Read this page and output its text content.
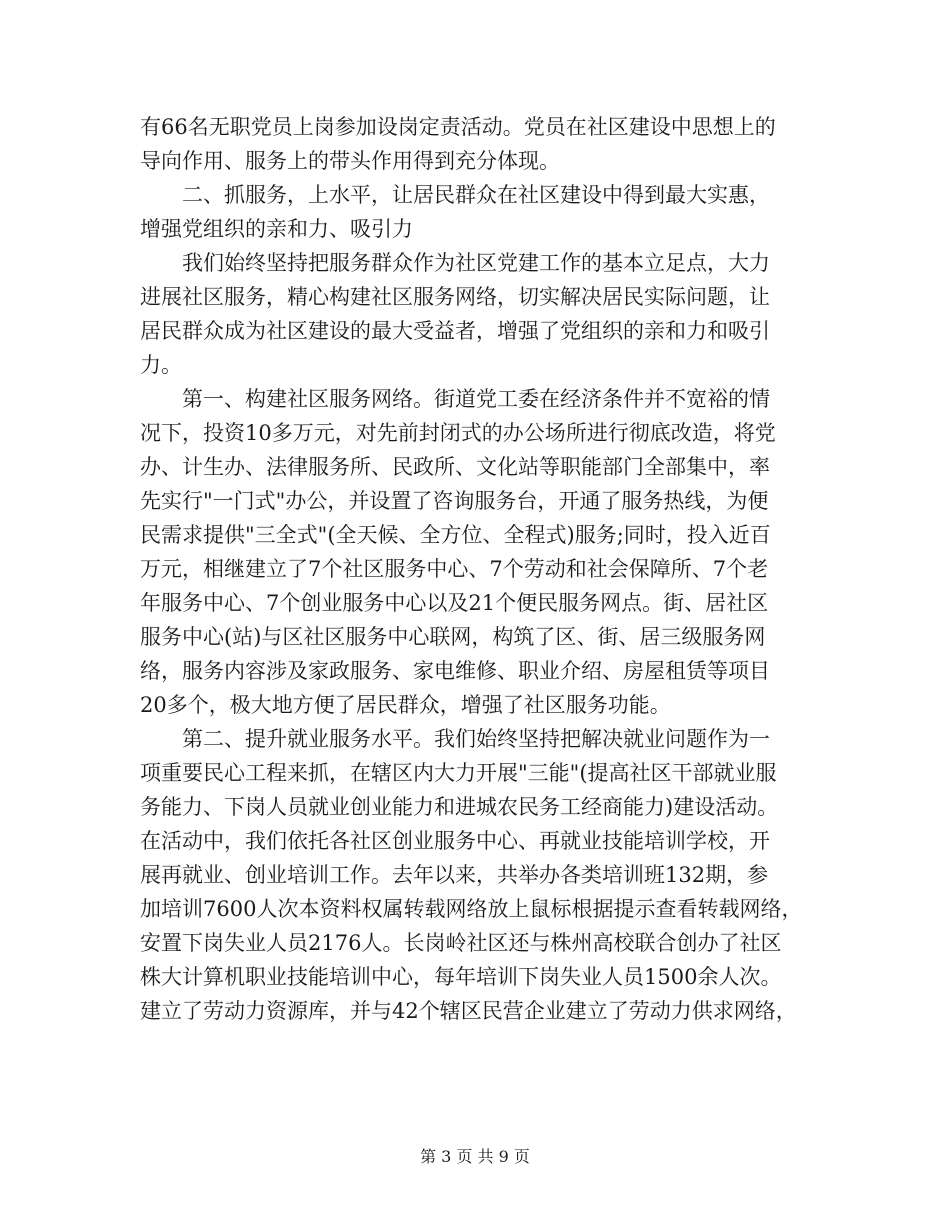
有66名无职党员上岗参加设岗定责活动。党员在社区建设中思想上的
导向作用、服务上的带头作用得到充分体现。
二、抓服务，上水平，让居民群众在社区建设中得到最大实惠，
增强党组织的亲和力、吸引力
我们始终坚持把服务群众作为社区党建工作的基本立足点，大力
进展社区服务，精心构建社区服务网络，切实解决居民实际问题，让
居民群众成为社区建设的最大受益者，增强了党组织的亲和力和吸引
力。
第一、构建社区服务网络。街道党工委在经济条件并不宽裕的情
况下，投资10多万元，对先前封闭式的办公场所进行彻底改造，将党
办、计生办、法律服务所、民政所、文化站等职能部门全部集中，率
先实行"一门式"办公，并设置了咨询服务台，开通了服务热线，为便
民需求提供"三全式"(全天候、全方位、全程式)服务;同时，投入近百
万元，相继建立了7个社区服务中心、7个劳动和社会保障所、7个老
年服务中心、7个创业服务中心以及21个便民服务网点。街、居社区
服务中心(站)与区社区服务中心联网，构筑了区、街、居三级服务网
络，服务内容涉及家政服务、家电维修、职业介绍、房屋租赁等项目
20多个，极大地方便了居民群众，增强了社区服务功能。
第二、提升就业服务水平。我们始终坚持把解决就业问题作为一
项重要民心工程来抓，在辖区内大力开展"三能"(提高社区干部就业服
务能力、下岗人员就业创业能力和进城农民务工经商能力)建设活动。
在活动中，我们依托各社区创业服务中心、再就业技能培训学校，开
展再就业、创业培训工作。去年以来，共举办各类培训班132期，参
加培训7600人次本资料权属转载网络放上鼠标根据提示查看转载网络，
安置下岗失业人员2176人。长岗岭社区还与株州高校联合创办了社区
株大计算机职业技能培训中心，每年培训下岗失业人员1500余人次。
建立了劳动力资源库，并与42个辖区民营企业建立了劳动力供求网络，
第 3 页 共 9 页
